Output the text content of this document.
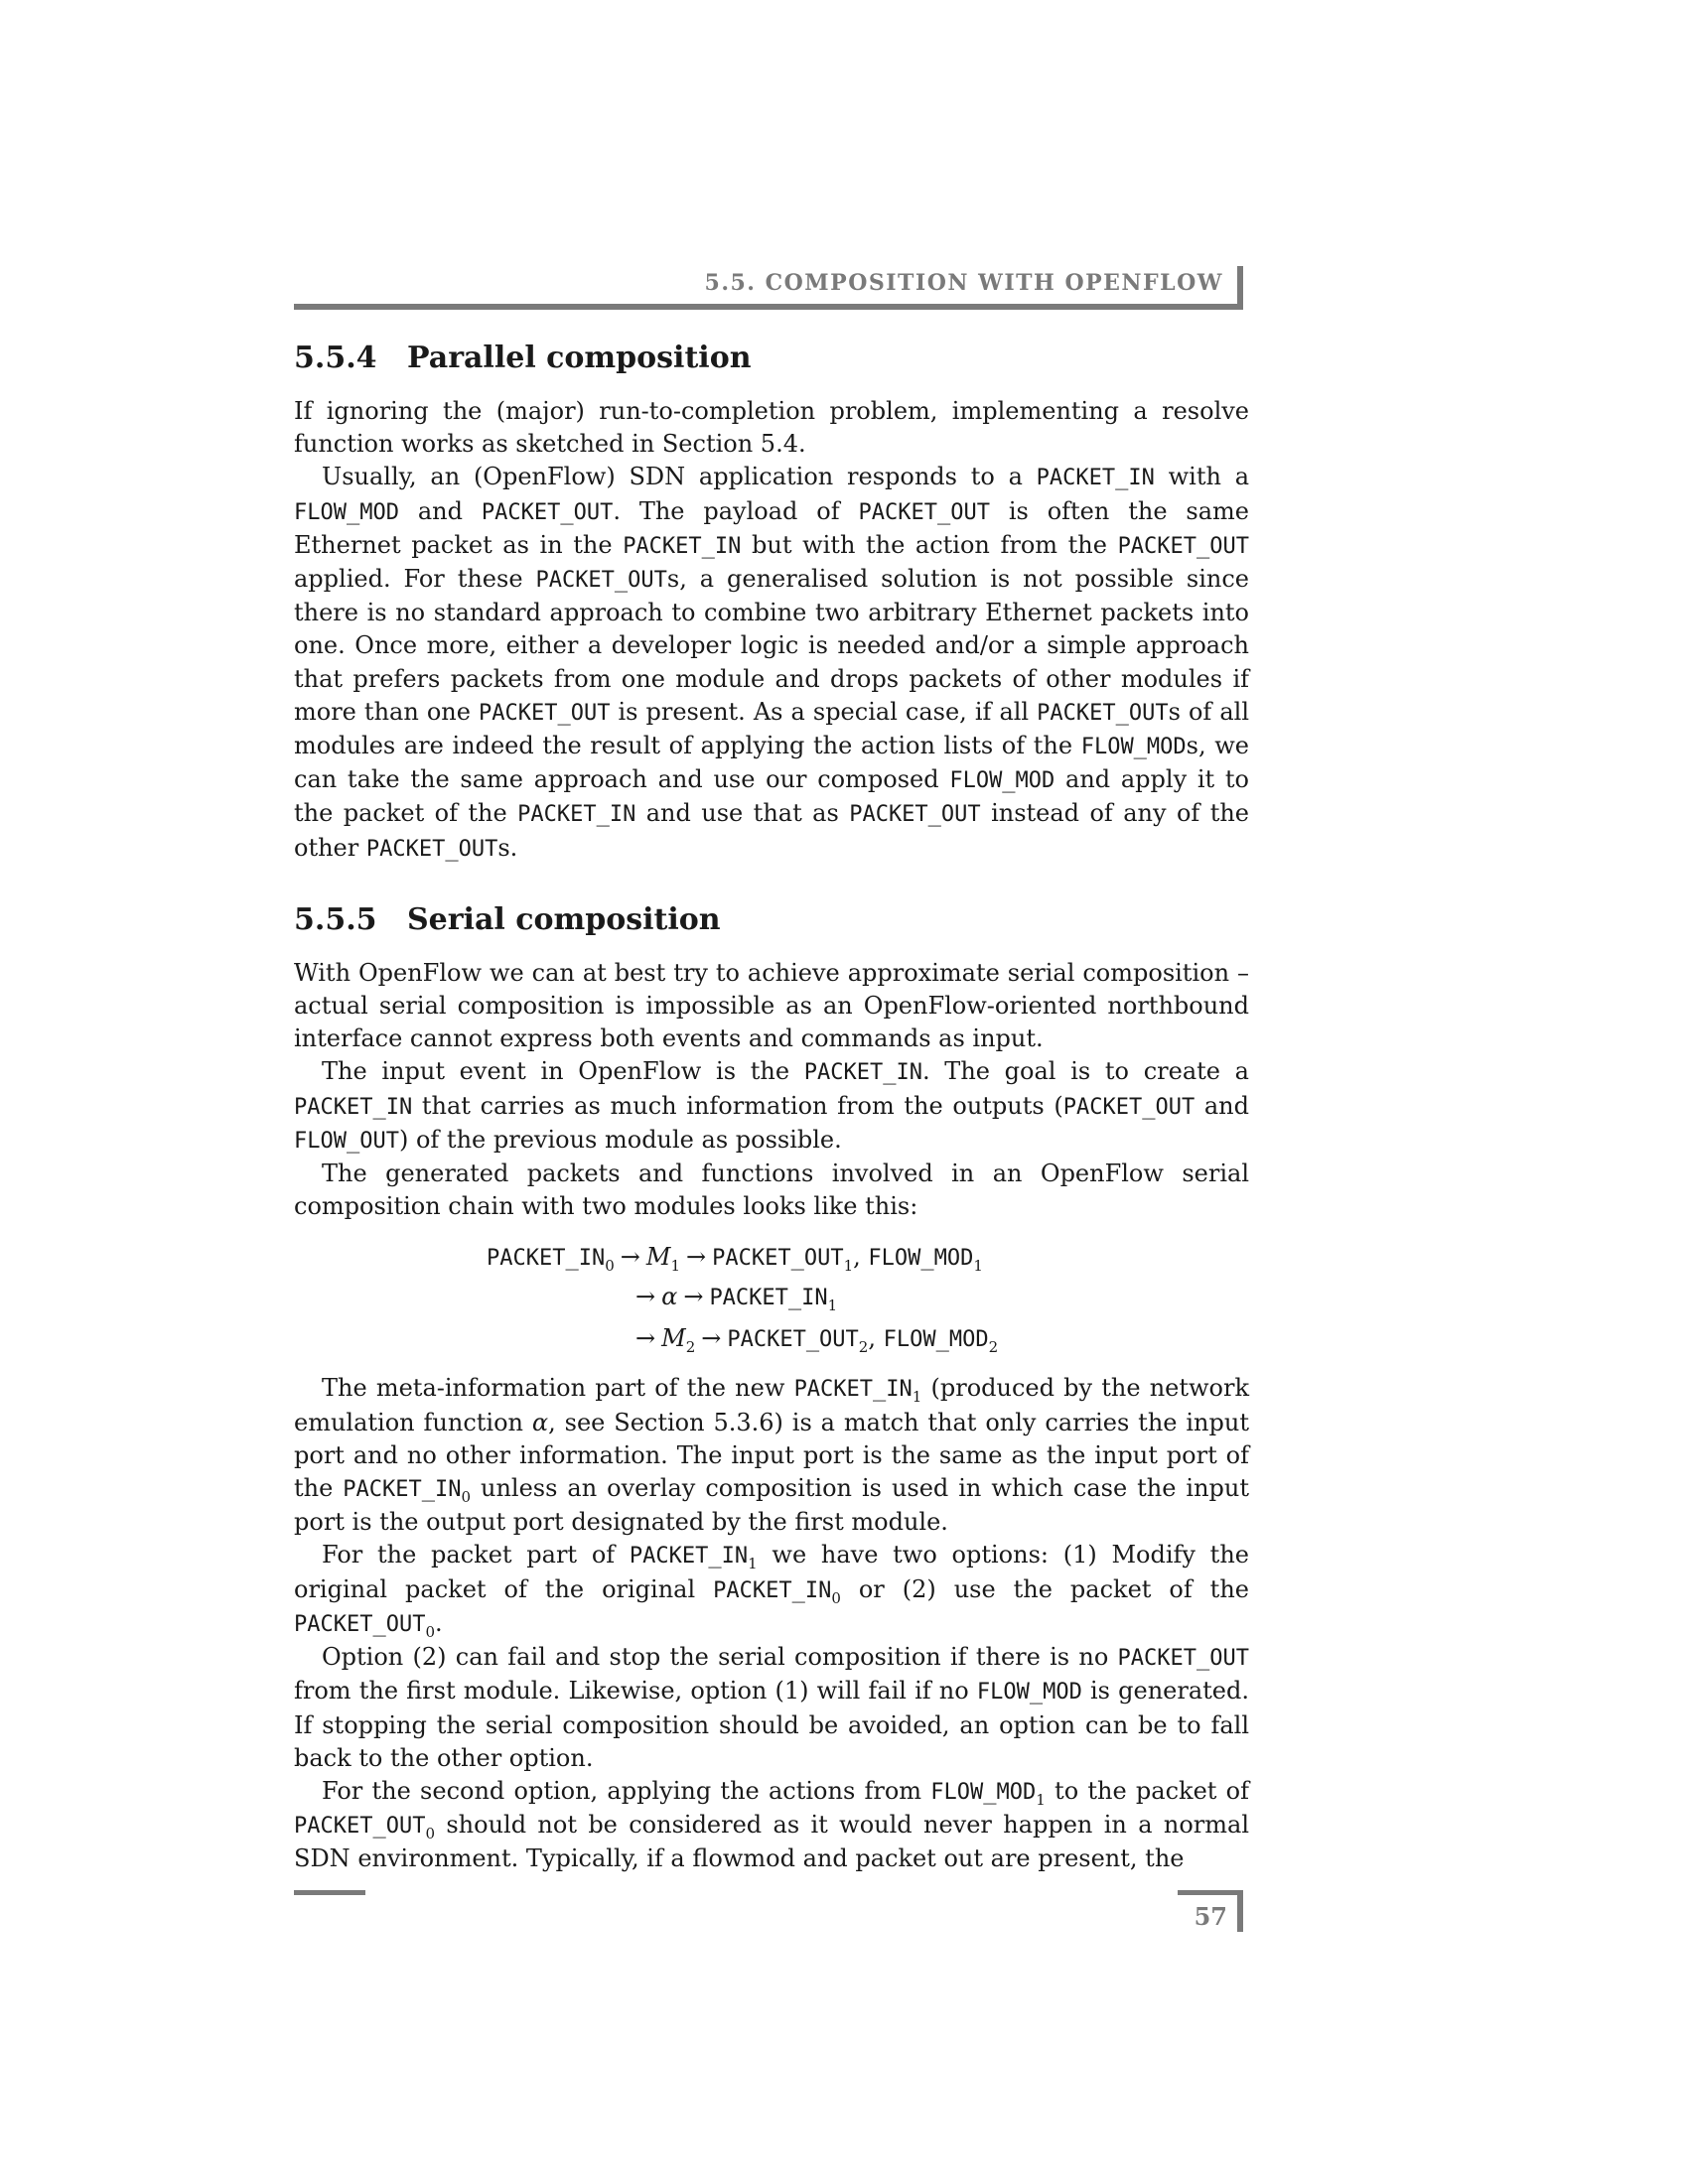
5.5. COMPOSITION WITH OPENFLOW
5.5.4 Parallel composition

If ignoring the (major) run-to-completion problem, implementing a resolve function works as sketched in Section 5.4.

Usually, an (OpenFlow) SDN application responds to a PACKET_IN with a FLOW_MOD and PACKET_OUT. The payload of PACKET_OUT is often the same Ethernet packet as in the PACKET_IN but with the action from the PACKET_OUT applied. For these PACKET_OUTs, a generalised solution is not possible since there is no standard approach to combine two arbitrary Ethernet packets into one. Once more, either a developer logic is needed and/or a simple approach that prefers packets from one module and drops packets of other modules if more than one PACKET_OUT is present. As a special case, if all PACKET_OUTs of all modules are indeed the result of applying the action lists of the FLOW_MODs, we can take the same approach and use our composed FLOW_MOD and apply it to the packet of the PACKET_IN and use that as PACKET_OUT instead of any of the other PACKET_OUTs.

5.5.5 Serial composition

With OpenFlow we can at best try to achieve approximate serial composition – actual serial composition is impossible as an OpenFlow-oriented northbound interface cannot express both events and commands as input.

The input event in OpenFlow is the PACKET_IN. The goal is to create a PACKET_IN that carries as much information from the outputs (PACKET_OUT and FLOW_OUT) of the previous module as possible.

The generated packets and functions involved in an OpenFlow serial composition chain with two modules looks like this:

$PACKET\_IN_0 \to M_1$ → $PACKET\_OUT_1$, $FLOW\_MOD_1$
→ $\alpha \to PACKET\_IN_1$
→ $M_2$ → $PACKET\_OUT_2$, $FLOW\_MOD_2$

The meta-information part of the new $PACKET\_IN_1$ (produced by the network emulation function α, see Section 5.3.6) is a match that only carries the input port and no other information. The input port is the same as the input port of the $PACKET\_IN_0$ unless an overlay composition is used in which case the input port is the output port designated by the first module.

For the packet part of $PACKET\_IN_1$ we have two options: (1) Modify the original packet of the original $PACKET\_IN_0$ or (2) use the packet of the $PACKET\_OUT_0$.

Option (2) can fail and stop the serial composition if there is no PACKET_OUT from the first module. Likewise, option (1) will fail if no FLOW_MOD is generated. If stopping the serial composition should be avoided, an option can be to fall back to the other option.

For the second option, applying the actions from $FLOW\_MOD_1$ to the packet of $PACKET\_OUT_0$ should not be considered as it would never happen in a normal SDN environment. Typically, if a flowmod and packet out are present, the

57
